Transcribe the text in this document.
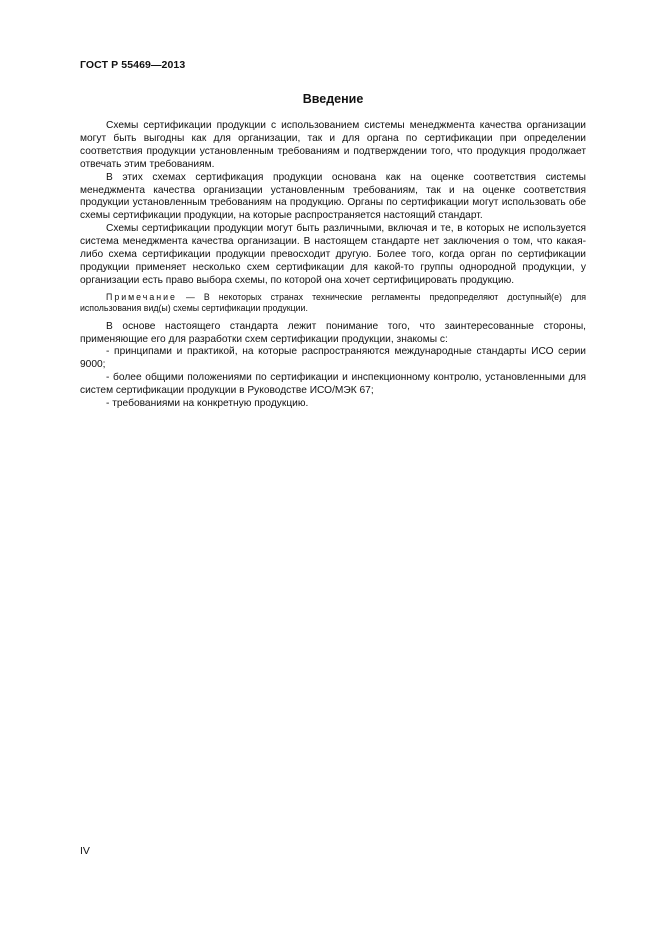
ГОСТ Р 55469—2013
Введение

Схемы сертификации продукции с использованием системы менеджмента качества организации могут быть выгодны как для организации, так и для органа по сертификации при определении соответствия продукции установленным требованиям и подтверждении того, что продукция продолжает отвечать этим требованиям.

В этих схемах сертификация продукции основана как на оценке соответствия системы менеджмента качества организации установленным требованиям, так и на оценке соответствия продукции установленным требованиям на продукцию. Органы по сертификации могут использовать обе схемы сертификации продукции, на которые распространяется настоящий стандарт.

Схемы сертификации продукции могут быть различными, включая и те, в которых не используется система менеджмента качества организации. В настоящем стандарте нет заключения о том, что какая-либо схема сертификации продукции превосходит другую. Более того, когда орган по сертификации продукции применяет несколько схем сертификации для какой-то группы однородной продукции, у организации есть право выбора схемы, по которой она хочет сертифицировать продукцию.

Примечание — В некоторых странах технические регламенты предопределяют доступный(е) для использования вид(ы) схемы сертификации продукции.

В основе настоящего стандарта лежит понимание того, что заинтересованные стороны, применяющие его для разработки схем сертификации продукции, знакомы с:

- принципами и практикой, на которые распространяются международные стандарты ИСО серии 9000;

- более общими положениями по сертификации и инспекционному контролю, установленными для систем сертификации продукции в Руководстве ИСО/МЭК 67;

- требованиями на конкретную продукцию.

IV
